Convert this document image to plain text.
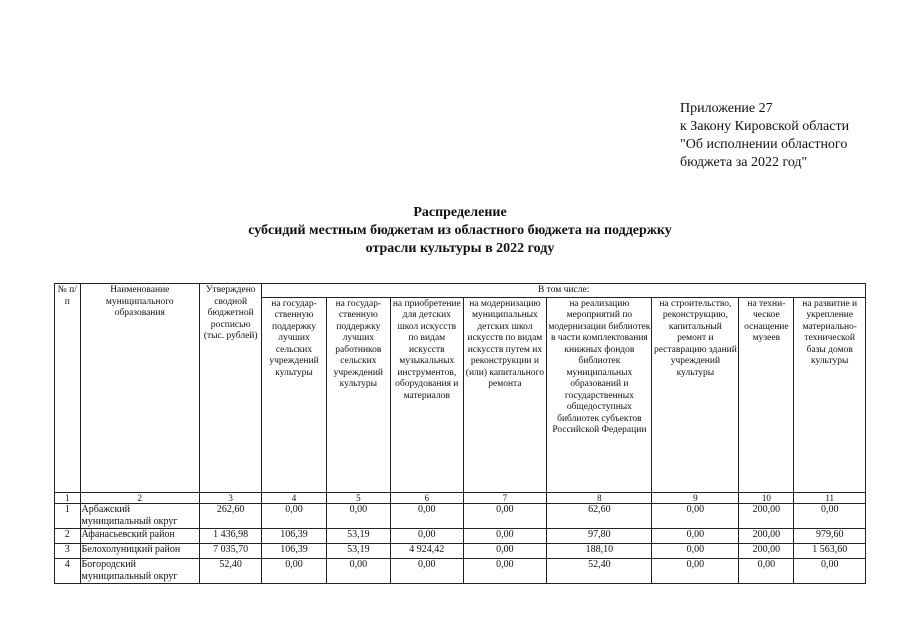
Приложение 27
к Закону Кировской области
"Об исполнении областного
бюджета за 2022 год"
Распределение
субсидий местным бюджетам из областного бюджета на поддержку
отрасли культуры в 2022 году
№ п/п	Наименование муниципального образования	Утверждено сводной бюджетной росписью (тыс. рублей)	В том числе:							
			на государ-ственную поддержку лучших сельских учреждений культуры	на государ-ственную поддержку лучших работников сельских учреждений культуры	на приобретение для детских школ искусств по видам искусств музыкальных инструментов, оборудования и материалов	на модернизацию муниципальных детских школ искусств по видам искусств путем их реконструкции и (или) капитального ремонта	на реализацию мероприятий по модернизации библиотек в части комплектования книжных фондов библиотек муниципальных образований и государственных общедоступных библиотек субъектов Российской Федерации	на строительство, реконструкцию, капитальный ремонт и реставрацию зданий учреждений культуры	на техни-ческое оснащение музеев	на развитие и укрепление материально-технической базы домов культуры
1	2	3	4	5	6	7	8	9	10	11
1	Арбажский муниципальный округ	262,60	0,00	0,00	0,00	0,00	62,60	0,00	200,00	0,00
2	Афанасьевский район	1 436,98	106,39	53,19	0,00	0,00	97,80	0,00	200,00	979,60
3	Белохолуницкий район	7 035,70	106,39	53,19	4 924,42	0,00	188,10	0,00	200,00	1 563,60
4	Богородский муниципальный округ	52,40	0,00	0,00	0,00	0,00	52,40	0,00	0,00	0,00
